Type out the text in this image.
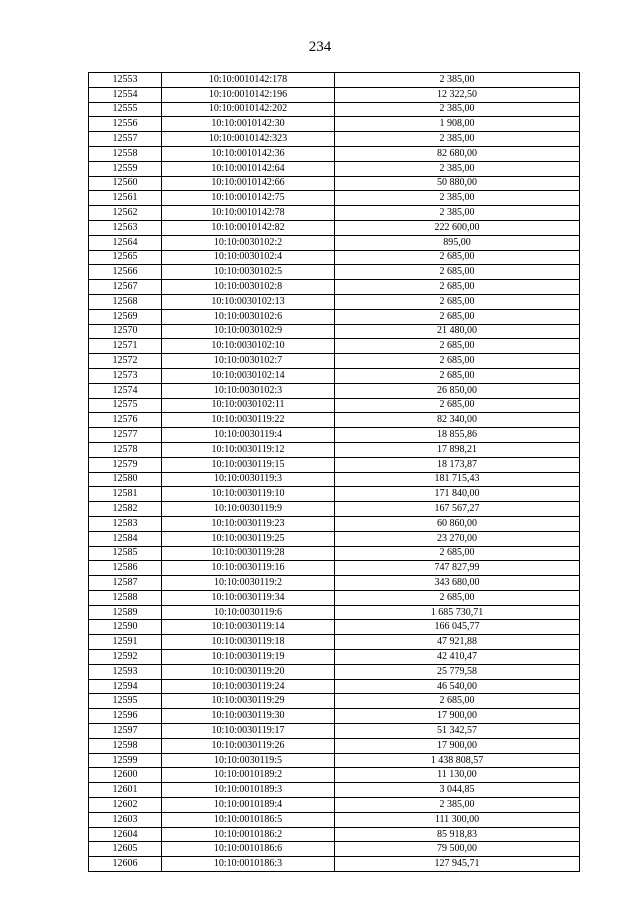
234
12553	10:10:0010142:178	2 385,00
12554	10:10:0010142:196	12 322,50
12555	10:10:0010142:202	2 385,00
12556	10:10:0010142:30	1 908,00
12557	10:10:0010142:323	2 385,00
12558	10:10:0010142:36	82 680,00
12559	10:10:0010142:64	2 385,00
12560	10:10:0010142:66	50 880,00
12561	10:10:0010142:75	2 385,00
12562	10:10:0010142:78	2 385,00
12563	10:10:0010142:82	222 600,00
12564	10:10:0030102:2	895,00
12565	10:10:0030102:4	2 685,00
12566	10:10:0030102:5	2 685,00
12567	10:10:0030102:8	2 685,00
12568	10:10:0030102:13	2 685,00
12569	10:10:0030102:6	2 685,00
12570	10:10:0030102:9	21 480,00
12571	10:10:0030102:10	2 685,00
12572	10:10:0030102:7	2 685,00
12573	10:10:0030102:14	2 685,00
12574	10:10:0030102:3	26 850,00
12575	10:10:0030102:11	2 685,00
12576	10:10:0030119:22	82 340,00
12577	10:10:0030119:4	18 855,86
12578	10:10:0030119:12	17 898,21
12579	10:10:0030119:15	18 173,87
12580	10:10:0030119:3	181 715,43
12581	10:10:0030119:10	171 840,00
12582	10:10:0030119:9	167 567,27
12583	10:10:0030119:23	60 860,00
12584	10:10:0030119:25	23 270,00
12585	10:10:0030119:28	2 685,00
12586	10:10:0030119:16	747 827,99
12587	10:10:0030119:2	343 680,00
12588	10:10:0030119:34	2 685,00
12589	10:10:0030119:6	1 685 730,71
12590	10:10:0030119:14	166 045,77
12591	10:10:0030119:18	47 921,88
12592	10:10:0030119:19	42 410,47
12593	10:10:0030119:20	25 779,58
12594	10:10:0030119:24	46 540,00
12595	10:10:0030119:29	2 685,00
12596	10:10:0030119:30	17 900,00
12597	10:10:0030119:17	51 342,57
12598	10:10:0030119:26	17 900,00
12599	10:10:0030119:5	1 438 808,57
12600	10:10:0010189:2	11 130,00
12601	10:10:0010189:3	3 044,85
12602	10:10:0010189:4	2 385,00
12603	10:10:0010186:5	111 300,00
12604	10:10:0010186:2	85 918,83
12605	10:10:0010186:6	79 500,00
12606	10:10:0010186:3	127 945,71
